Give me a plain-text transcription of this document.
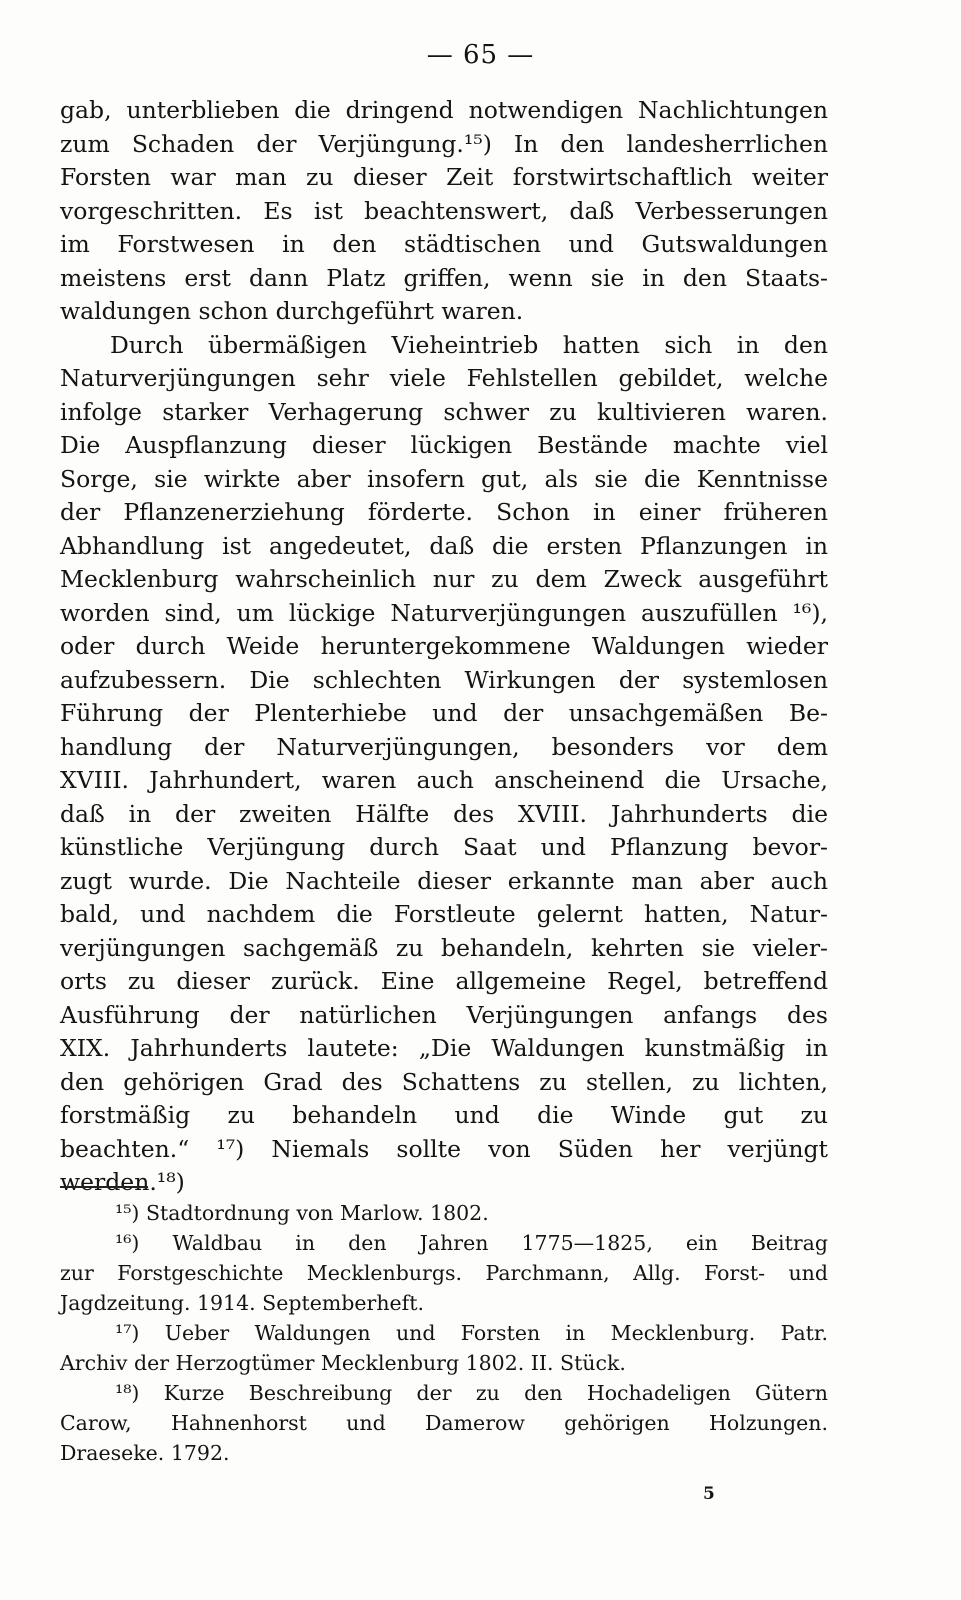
— 65 —
gab, unterblieben die dringend notwendigen Nachlichtungen
zum Schaden der Verjüngung.¹⁵) In den landesherrlichen
Forsten war man zu dieser Zeit forstwirtschaftlich weiter
vorgeschritten. Es ist beachtenswert, daß Verbesserungen
im Forstwesen in den städtischen und Gutswaldungen
meistens erst dann Platz griffen, wenn sie in den Staats-
waldungen schon durchgeführt waren.
Durch übermäßigen Vieheintrieb hatten sich in den
Naturverjüngungen sehr viele Fehlstellen gebildet, welche
infolge starker Verhagerung schwer zu kultivieren waren.
Die Auspflanzung dieser lückigen Bestände machte viel
Sorge, sie wirkte aber insofern gut, als sie die Kenntnisse
der Pflanzenerziehung förderte. Schon in einer früheren
Abhandlung ist angedeutet, daß die ersten Pflanzungen in
Mecklenburg wahrscheinlich nur zu dem Zweck ausgeführt
worden sind, um lückige Naturverjüngungen auszufüllen ¹⁶),
oder durch Weide heruntergekommene Waldungen wieder
aufzubessern. Die schlechten Wirkungen der systemlosen
Führung der Plenterhiebe und der unsachgemäßen Be-
handlung der Naturverjüngungen, besonders vor dem
XVIII. Jahrhundert, waren auch anscheinend die Ursache,
daß in der zweiten Hälfte des XVIII. Jahrhunderts die
künstliche Verjüngung durch Saat und Pflanzung bevor-
zugt wurde. Die Nachteile dieser erkannte man aber auch
bald, und nachdem die Forstleute gelernt hatten, Natur-
verjüngungen sachgemäß zu behandeln, kehrten sie vieler-
orts zu dieser zurück. Eine allgemeine Regel, betreffend
Ausführung der natürlichen Verjüngungen anfangs des
XIX. Jahrhunderts lautete: „Die Waldungen kunstmäßig in
den gehörigen Grad des Schattens zu stellen, zu lichten,
forstmäßig zu behandeln und die Winde gut zu
beachten.“ ¹⁷) Niemals sollte von Süden her verjüngt
werden.¹⁸)
¹⁵) Stadtordnung von Marlow. 1802.
¹⁶) Waldbau in den Jahren 1775—1825, ein Beitrag
zur Forstgeschichte Mecklenburgs. Parchmann, Allg. Forst- und
Jagdzeitung. 1914. Septemberheft.
¹⁷) Ueber Waldungen und Forsten in Mecklenburg. Patr.
Archiv der Herzogtümer Mecklenburg 1802. II. Stück.
¹⁸) Kurze Beschreibung der zu den Hochadeligen Gütern
Carow, Hahnenhorst und Damerow gehörigen Holzungen.
Draeseke. 1792.
5
